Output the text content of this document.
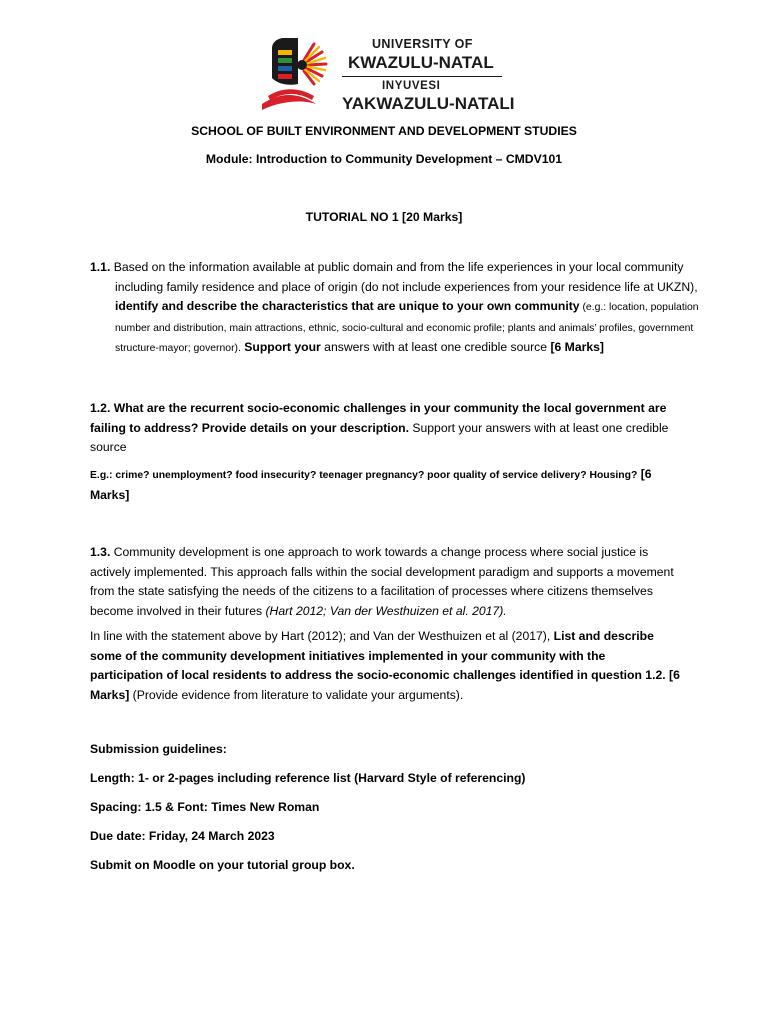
UNIVERSITY OF
KWAZULU-NATAL
INYUVESI
YAKWAZULU-NATALI
SCHOOL OF BUILT ENVIRONMENT AND DEVELOPMENT STUDIES
Module: Introduction to Community Development – CMDV101
TUTORIAL NO 1 [20 Marks]
1.1. Based on the information available at public domain and from the life experiences in your local community including family residence and place of origin (do not include experiences from your residence life at UKZN), identify and describe the characteristics that are unique to your own community (e.g.: location, population number and distribution, main attractions, ethnic, socio-cultural and economic profile; plants and animals’ profiles, government structure-mayor; governor). Support your answers with at least one credible source [6 Marks]
1.2. What are the recurrent socio-economic challenges in your community the local government are failing to address? Provide details on your description. Support your answers with at least one credible source
E.g.: crime? unemployment? food insecurity? teenager pregnancy? poor quality of service delivery? Housing? [6 Marks]
1.3. Community development is one approach to work towards a change process where social justice is actively implemented. This approach falls within the social development paradigm and supports a movement from the state satisfying the needs of the citizens to a facilitation of processes where citizens themselves become involved in their futures (Hart 2012; Van der Westhuizen et al. 2017).
In line with the statement above by Hart (2012); and Van der Westhuizen et al (2017), List and describe some of the community development initiatives implemented in your community with the participation of local residents to address the socio-economic challenges identified in question 1.2. [6 Marks] (Provide evidence from literature to validate your arguments).
Submission guidelines:
Length: 1- or 2-pages including reference list (Harvard Style of referencing)
Spacing: 1.5 & Font: Times New Roman
Due date: Friday, 24 March 2023
Submit on Moodle on your tutorial group box.
